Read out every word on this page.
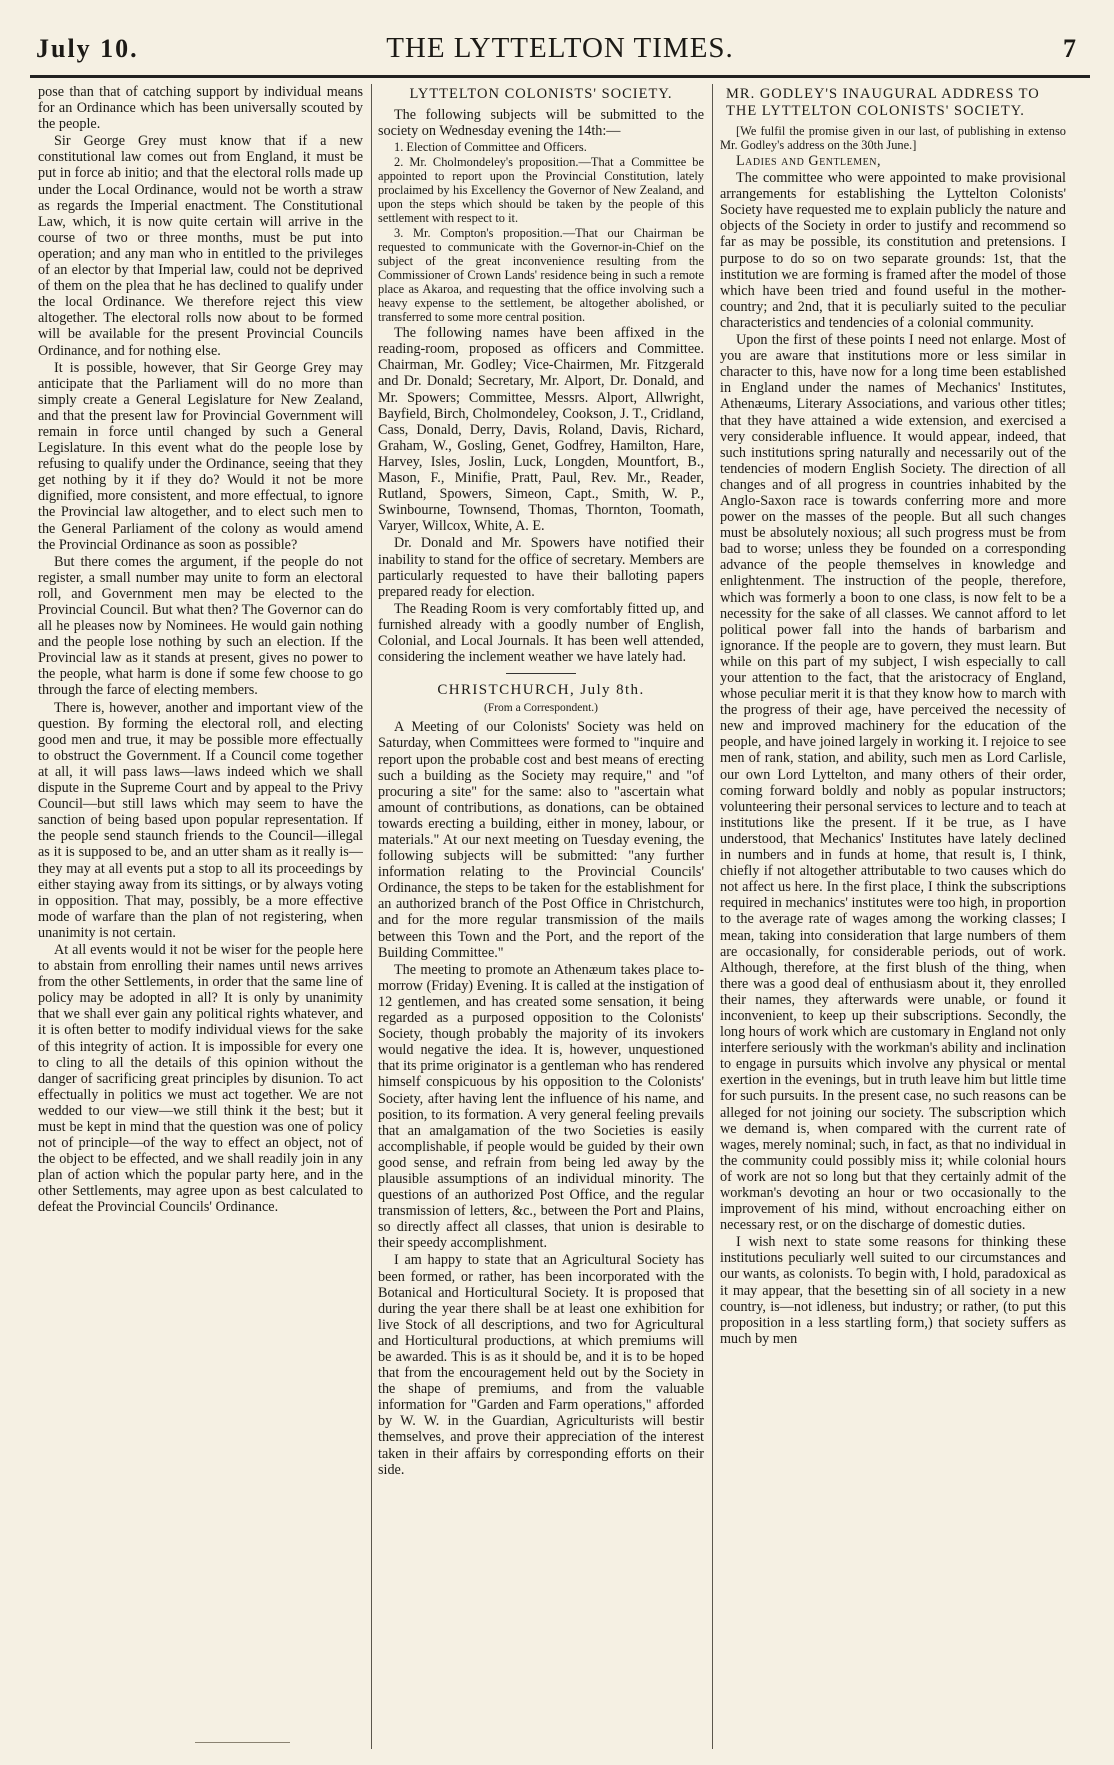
July 10.	THE LYTTELTON TIMES.	7

pose than that of catching support by individual means for an Ordinance which has been universally scouted by the people.

Sir George Grey must know that if a new constitutional law comes out from England, it must be put in force ab initio; and that the electoral rolls made up under the Local Ordinance, would not be worth a straw as regards the Imperial enactment. The Constitutional Law, which, it is now quite certain will arrive in the course of two or three months, must be put into operation; and any man who in entitled to the privileges of an elector by that Imperial law, could not be deprived of them on the plea that he has declined to qualify under the local Ordinance. We therefore reject this view altogether. The electoral rolls now about to be formed will be available for the present Provincial Councils Ordinance, and for nothing else.

It is possible, however, that Sir George Grey may anticipate that the Parliament will do no more than simply create a General Legislature for New Zealand, and that the present law for Provincial Government will remain in force until changed by such a General Legislature. In this event what do the people lose by refusing to qualify under the Ordinance, seeing that they get nothing by it if they do? Would it not be more dignified, more consistent, and more effectual, to ignore the Provincial law altogether, and to elect such men to the General Parliament of the colony as would amend the Provincial Ordinance as soon as possible?

But there comes the argument, if the people do not register, a small number may unite to form an electoral roll, and Government men may be elected to the Provincial Council. But what then? The Governor can do all he pleases now by Nominees. He would gain nothing and the people lose nothing by such an election. If the Provincial law as it stands at present, gives no power to the people, what harm is done if some few choose to go through the farce of electing members.

There is, however, another and important view of the question. By forming the electoral roll, and electing good men and true, it may be possible more effectually to obstruct the Government. If a Council come together at all, it will pass laws—laws indeed which we shall dispute in the Supreme Court and by appeal to the Privy Council—but still laws which may seem to have the sanction of being based upon popular representation. If the people send staunch friends to the Council—illegal as it is supposed to be, and an utter sham as it really is—they may at all events put a stop to all its proceedings by either staying away from its sittings, or by always voting in opposition. That may, possibly, be a more effective mode of warfare than the plan of not registering, when unanimity is not certain.

At all events would it not be wiser for the people here to abstain from enrolling their names until news arrives from the other Settlements, in order that the same line of policy may be adopted in all? It is only by unanimity that we shall ever gain any political rights whatever, and it is often better to modify individual views for the sake of this integrity of action. It is impossible for every one to cling to all the details of this opinion without the danger of sacrificing great principles by disunion. To act effectually in politics we must act together. We are not wedded to our view—we still think it the best; but it must be kept in mind that the question was one of policy not of principle—of the way to effect an object, not of the object to be effected, and we shall readily join in any plan of action which the popular party here, and in the other Settlements, may agree upon as best calculated to defeat the Provincial Councils' Ordinance.

LYTTELTON COLONISTS' SOCIETY.

The following subjects will be submitted to the society on Wednesday evening the 14th:—

1. Election of Committee and Officers.

2. Mr. Cholmondeley's proposition.—That a Committee be appointed to report upon the Provincial Constitution, lately proclaimed by his Excellency the Governor of New Zealand, and upon the steps which should be taken by the people of this settlement with respect to it.

3. Mr. Compton's proposition.—That our Chairman be requested to communicate with the Governor-in-Chief on the subject of the great inconvenience resulting from the Commissioner of Crown Lands' residence being in such a remote place as Akaroa, and requesting that the office involving such a heavy expense to the settlement, be altogether abolished, or transferred to some more central position.

The following names have been affixed in the reading-room, proposed as officers and Committee. Chairman, Mr. Godley; Vice-Chairmen, Mr. Fitzgerald and Dr. Donald; Secretary, Mr. Alport, Dr. Donald, and Mr. Spowers; Committee, Messrs. Alport, Allwright, Bayfield, Birch, Cholmondeley, Cookson, J. T., Cridland, Cass, Donald, Derry, Davis, Roland, Davis, Richard, Graham, W., Gosling, Genet, Godfrey, Hamilton, Hare, Harvey, Isles, Joslin, Luck, Longden, Mountfort, B., Mason, F., Minifie, Pratt, Paul, Rev. Mr., Reader, Rutland, Spowers, Simeon, Capt., Smith, W. P., Swinbourne, Townsend, Thomas, Thornton, Toomath, Varyer, Willcox, White, A. E.

Dr. Donald and Mr. Spowers have notified their inability to stand for the office of secretary. Members are particularly requested to have their balloting papers prepared ready for election.

The Reading Room is very comfortably fitted up, and furnished already with a goodly number of English, Colonial, and Local Journals. It has been well attended, considering the inclement weather we have lately had.

CHRISTCHURCH, July 8th.
(From a Correspondent.)

A Meeting of our Colonists' Society was held on Saturday, when Committees were formed to "inquire and report upon the probable cost and best means of erecting such a building as the Society may require," and "of procuring a site" for the same: also to "ascertain what amount of contributions, as donations, can be obtained towards erecting a building, either in money, labour, or materials." At our next meeting on Tuesday evening, the following subjects will be submitted: "any further information relating to the Provincial Councils' Ordinance, the steps to be taken for the establishment for an authorized branch of the Post Office in Christchurch, and for the more regular transmission of the mails between this Town and the Port, and the report of the Building Committee."

The meeting to promote an Athenæum takes place to-morrow (Friday) Evening. It is called at the instigation of 12 gentlemen, and has created some sensation, it being regarded as a purposed opposition to the Colonists' Society, though probably the majority of its invokers would negative the idea. It is, however, unquestioned that its prime originator is a gentleman who has rendered himself conspicuous by his opposition to the Colonists' Society, after having lent the influence of his name, and position, to its formation. A very general feeling prevails that an amalgamation of the two Societies is easily accomplishable, if people would be guided by their own good sense, and refrain from being led away by the plausible assumptions of an individual minority. The questions of an authorized Post Office, and the regular transmission of letters, &c., between the Port and Plains, so directly affect all classes, that union is desirable to their speedy accomplishment.

I am happy to state that an Agricultural Society has been formed, or rather, has been incorporated with the Botanical and Horticultural Society. It is proposed that during the year there shall be at least one exhibition for live Stock of all descriptions, and two for Agricultural and Horticultural productions, at which premiums will be awarded. This is as it should be, and it is to be hoped that from the encouragement held out by the Society in the shape of premiums, and from the valuable information for "Garden and Farm operations," afforded by W. W. in the Guardian, Agriculturists will bestir themselves, and prove their appreciation of the interest taken in their affairs by corresponding efforts on their side.

MR. GODLEY'S INAUGURAL ADDRESS TO THE LYTTELTON COLONISTS' SOCIETY.

[We fulfil the promise given in our last, of publishing in extenso Mr. Godley's address on the 30th June.]

Ladies and Gentlemen,

The committee who were appointed to make provisional arrangements for establishing the Lyttelton Colonists' Society have requested me to explain publicly the nature and objects of the Society in order to justify and recommend so far as may be possible, its constitution and pretensions. I purpose to do so on two separate grounds: 1st, that the institution we are forming is framed after the model of those which have been tried and found useful in the mother-country; and 2nd, that it is peculiarly suited to the peculiar characteristics and tendencies of a colonial community.

Upon the first of these points I need not enlarge. Most of you are aware that institutions more or less similar in character to this, have now for a long time been established in England under the names of Mechanics' Institutes, Athenæums, Literary Associations, and various other titles; that they have attained a wide extension, and exercised a very considerable influence. It would appear, indeed, that such institutions spring naturally and necessarily out of the tendencies of modern English Society. The direction of all changes and of all progress in countries inhabited by the Anglo-Saxon race is towards conferring more and more power on the masses of the people. But all such changes must be absolutely noxious; all such progress must be from bad to worse; unless they be founded on a corresponding advance of the people themselves in knowledge and enlightenment. The instruction of the people, therefore, which was formerly a boon to one class, is now felt to be a necessity for the sake of all classes. We cannot afford to let political power fall into the hands of barbarism and ignorance. If the people are to govern, they must learn. But while on this part of my subject, I wish especially to call your attention to the fact, that the aristocracy of England, whose peculiar merit it is that they know how to march with the progress of their age, have perceived the necessity of new and improved machinery for the education of the people, and have joined largely in working it. I rejoice to see men of rank, station, and ability, such men as Lord Carlisle, our own Lord Lyttelton, and many others of their order, coming forward boldly and nobly as popular instructors; volunteering their personal services to lecture and to teach at institutions like the present. If it be true, as I have understood, that Mechanics' Institutes have lately declined in numbers and in funds at home, that result is, I think, chiefly if not altogether attributable to two causes which do not affect us here. In the first place, I think the subscriptions required in mechanics' institutes were too high, in proportion to the average rate of wages among the working classes; I mean, taking into consideration that large numbers of them are occasionally, for considerable periods, out of work. Although, therefore, at the first blush of the thing, when there was a good deal of enthusiasm about it, they enrolled their names, they afterwards were unable, or found it inconvenient, to keep up their subscriptions. Secondly, the long hours of work which are customary in England not only interfere seriously with the workman's ability and inclination to engage in pursuits which involve any physical or mental exertion in the evenings, but in truth leave him but little time for such pursuits. In the present case, no such reasons can be alleged for not joining our society. The subscription which we demand is, when compared with the current rate of wages, merely nominal; such, in fact, as that no individual in the community could possibly miss it; while colonial hours of work are not so long but that they certainly admit of the workman's devoting an hour or two occasionally to the improvement of his mind, without encroaching either on necessary rest, or on the discharge of domestic duties.

I wish next to state some reasons for thinking these institutions peculiarly well suited to our circumstances and our wants, as colonists. To begin with, I hold, paradoxical as it may appear, that the besetting sin of all society in a new country, is—not idleness, but industry; or rather, (to put this proposition in a less startling form,) that society suffers as much by men
